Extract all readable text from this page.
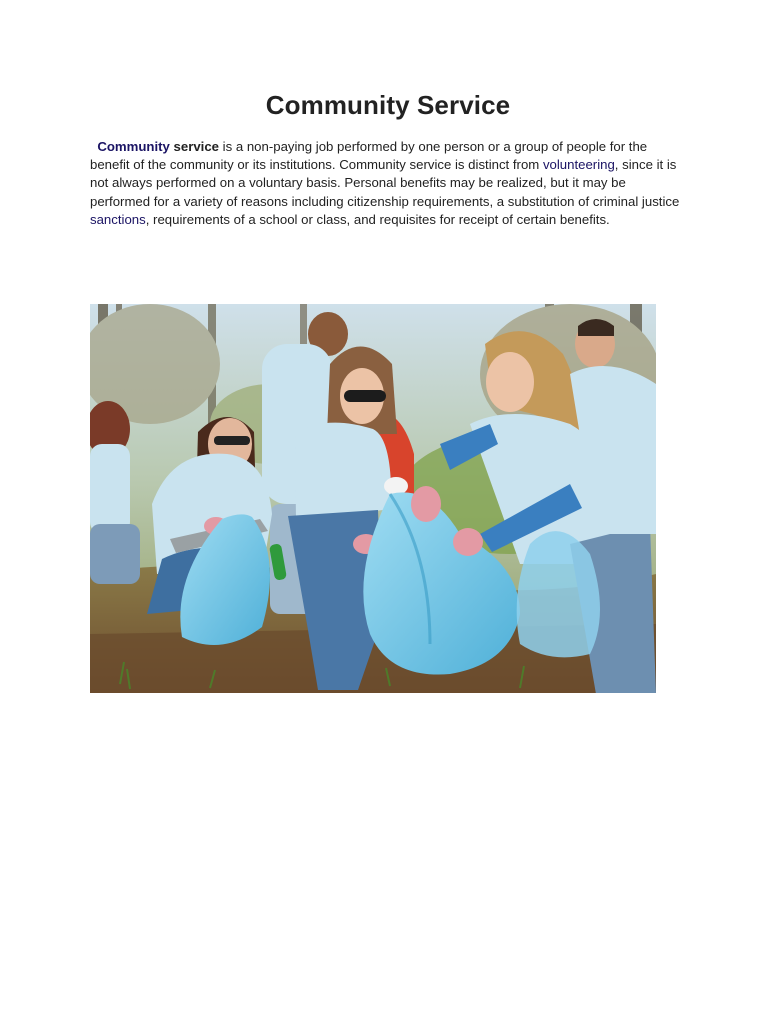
Community Service

Community service is a non-paying job performed by one person or a group of people for the benefit of the community or its institutions. Community service is distinct from volunteering, since it is not always performed on a voluntary basis. Personal benefits may be realized, but it may be performed for a variety of reasons including citizenship requirements, a substitution of criminal justice sanctions, requirements of a school or class, and requisites for receipt of certain benefits.
